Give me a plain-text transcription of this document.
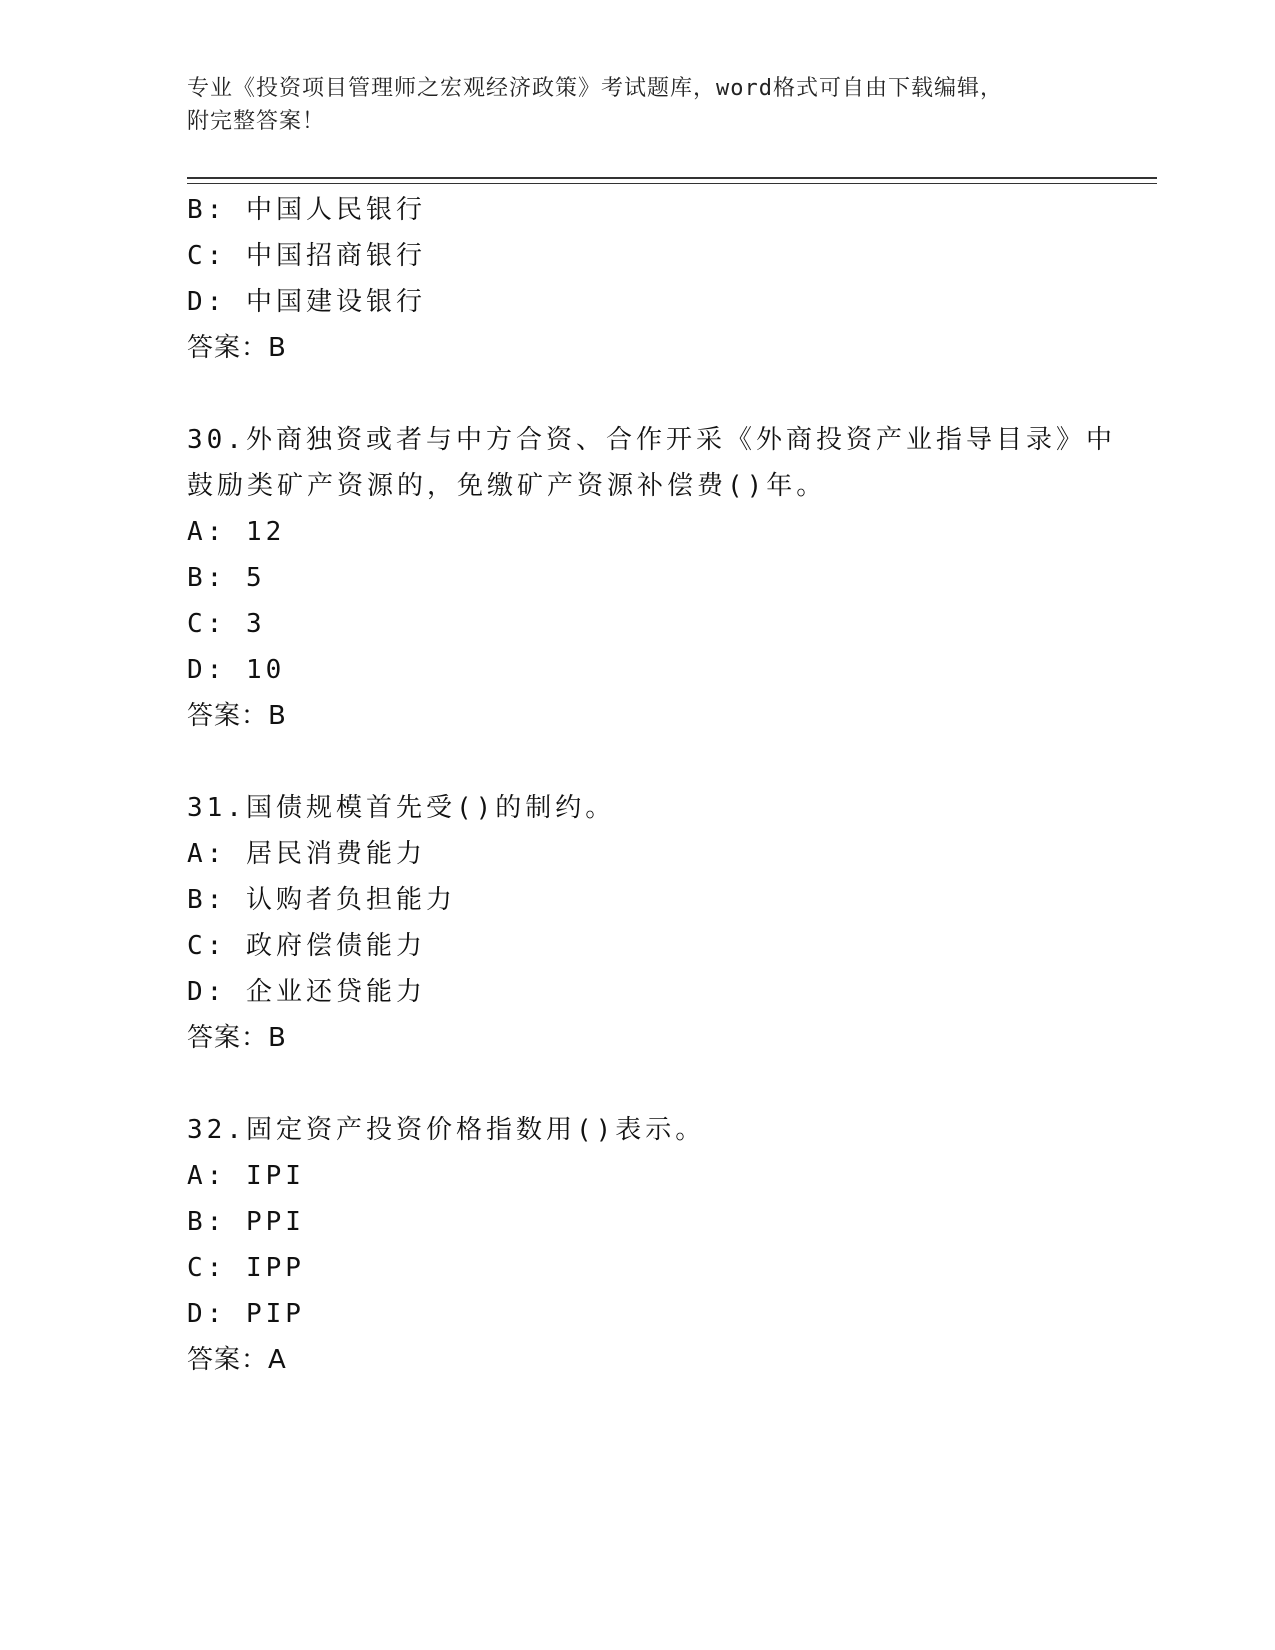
专业《投资项目管理师之宏观经济政策》考试题库，word格式可自由下载编辑，
附完整答案！
B: 中国人民银行
C: 中国招商银行
D: 中国建设银行
答案：B
30.外商独资或者与中方合资、合作开采《外商投资产业指导目录》中
鼓励类矿产资源的，免缴矿产资源补偿费()年。
A: 12
B: 5
C: 3
D: 10
答案：B
31.国债规模首先受()的制约。
A: 居民消费能力
B: 认购者负担能力
C: 政府偿债能力
D: 企业还贷能力
答案：B
32.固定资产投资价格指数用()表示。
A: IPI
B: PPI
C: IPP
D: PIP
答案：A
